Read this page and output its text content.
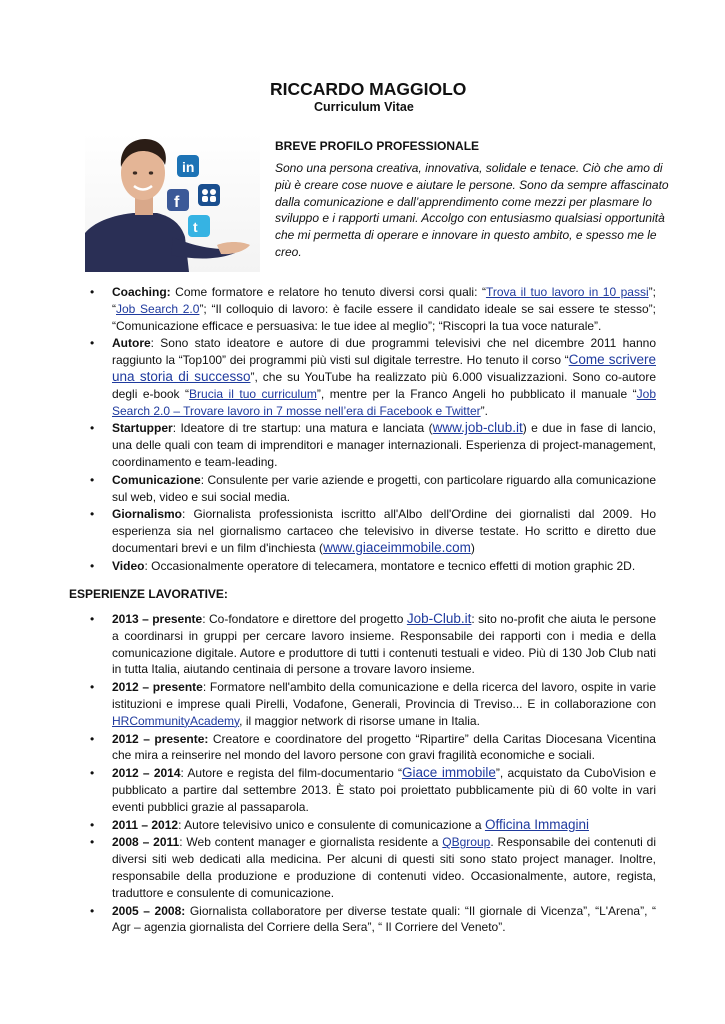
RICCARDO MAGGIOLO
Curriculum Vitae
in
f
t
BREVE PROFILO PROFESSIONALE
Sono una persona creativa, innovativa, solidale e tenace. Ciò che amo di più è creare cose nuove e aiutare le persone. Sono da sempre affascinato dalla comunicazione e dall’apprendimento come mezzi per plasmare lo sviluppo e i rapporti umani. Accolgo con entusiasmo qualsiasi opportunità che mi permetta di operare e innovare in questo ambito, e spesso me le creo.
• Coaching: Come formatore e relatore ho tenuto diversi corsi quali: “Trova il tuo lavoro in 10 passi”; “Job Search 2.0”; “Il colloquio di lavoro: è facile essere il candidato ideale se sai essere te stesso”; “Comunicazione efficace e persuasiva: le tue idee al meglio”; “Riscopri la tua voce naturale”.
• Autore: Sono stato ideatore e autore di due programmi televisivi che nel dicembre 2011 hanno raggiunto la “Top100” dei programmi più visti sul digitale terrestre. Ho tenuto il corso “Come scrivere una storia di successo”, che su YouTube ha realizzato più 6.000 visualizzazioni. Sono co-autore degli e-book “Brucia il tuo curriculum”, mentre per la Franco Angeli ho pubblicato il manuale “Job Search 2.0 – Trovare lavoro in 7 mosse nell’era di Facebook e Twitter”.
• Startupper: Ideatore di tre startup: una matura e lanciata (www.job-club.it) e due in fase di lancio, una delle quali con team di imprenditori e manager internazionali. Esperienza di project-management, coordinamento e team-leading.
• Comunicazione: Consulente per varie aziende e progetti, con particolare riguardo alla comunicazione sul web, video e sui social media.
• Giornalismo: Giornalista professionista iscritto all'Albo dell'Ordine dei giornalisti dal 2009. Ho esperienza sia nel giornalismo cartaceo che televisivo in diverse testate. Ho scritto e diretto due documentari brevi e un film d'inchiesta (www.giaceimmobile.com)
• Video: Occasionalmente operatore di telecamera, montatore e tecnico effetti di motion graphic 2D.
ESPERIENZE LAVORATIVE:
• 2013 – presente: Co-fondatore e direttore del progetto Job-Club.it: sito no-profit che aiuta le persone a coordinarsi in gruppi per cercare lavoro insieme. Responsabile dei rapporti con i media e della comunicazione digitale. Autore e produttore di tutti i contenuti testuali e video. Più di 130 Job Club nati in tutta Italia, aiutando centinaia di persone a trovare lavoro insieme.
• 2012 – presente: Formatore nell'ambito della comunicazione e della ricerca del lavoro, ospite in varie istituzioni e imprese quali Pirelli, Vodafone, Generali, Provincia di Treviso... E in collaborazione con HRCommunityAcademy, il maggior network di risorse umane in Italia.
• 2012 – presente: Creatore e coordinatore del progetto “Ripartire” della Caritas Diocesana Vicentina che mira a reinserire nel mondo del lavoro persone con gravi fragilità economiche e sociali.
• 2012 – 2014: Autore e regista del film-documentario “Giace immobile”, acquistato da CuboVision e pubblicato a partire dal settembre 2013. È stato poi proiettato pubblicamente più di 60 volte in vari eventi pubblici grazie al passaparola.
• 2011 – 2012: Autore televisivo unico e consulente di comunicazione a Officina Immagini
• 2008 – 2011: Web content manager e giornalista residente a QBgroup. Responsabile dei contenuti di diversi siti web dedicati alla medicina. Per alcuni di questi siti sono stato project manager. Inoltre, responsabile della produzione e produzione di contenuti video. Occasionalmente, autore, regista, traduttore e consulente di comunicazione.
• 2005 – 2008: Giornalista collaboratore per diverse testate quali: “Il giornale di Vicenza”, “L'Arena”, “ Agr – agenzia giornalista del Corriere della Sera”, “ Il Corriere del Veneto”.
